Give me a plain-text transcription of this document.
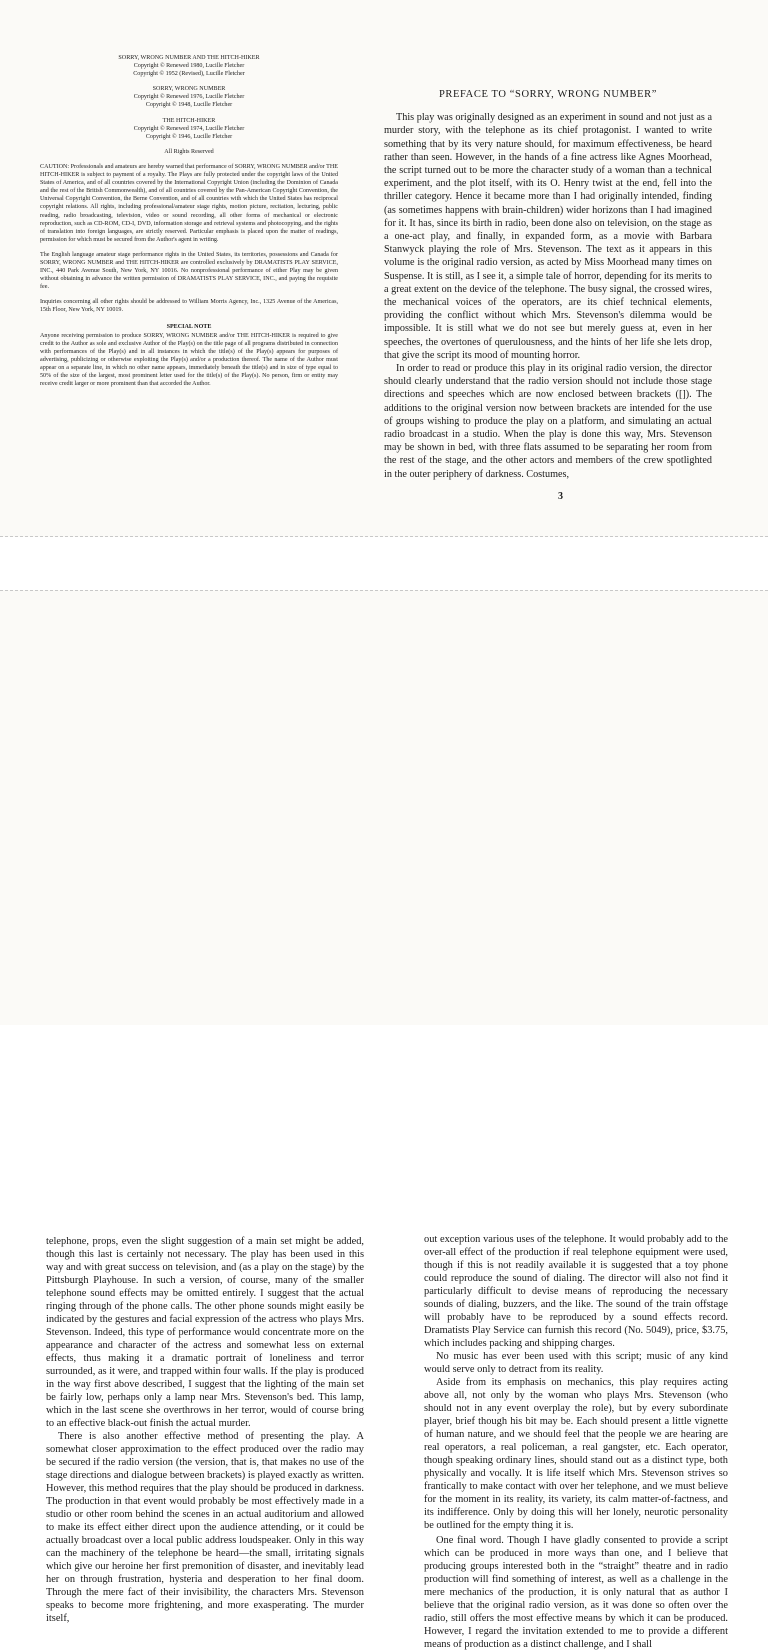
SORRY, WRONG NUMBER AND THE HITCH-HIKER
Copyright © Renewed 1980, Lucille Fletcher
Copyright © 1952 (Revised), Lucille Fletcher
SORRY, WRONG NUMBER
Copyright © Renewed 1976, Lucille Fletcher
Copyright © 1948, Lucille Fletcher
THE HITCH-HIKER
Copyright © Renewed 1974, Lucille Fletcher
Copyright © 1946, Lucille Fletcher
All Rights Reserved

CAUTION: Professionals and amateurs are hereby warned that performance of SORRY, WRONG NUMBER and/or THE HITCH-HIKER is subject to payment of a royalty. The Plays are fully protected under the copyright laws of the United States of America, and of all countries covered by the International Copyright Union (including the Dominion of Canada and the rest of the British Commonwealth), and of all countries covered by the Pan-American Copyright Convention, the Universal Copyright Convention, the Berne Convention, and of all countries with which the United States has reciprocal copyright relations. All rights, including professional/amateur stage rights, motion picture, recitation, lecturing, public reading, radio broadcasting, television, video or sound recording, all other forms of mechanical or electronic reproduction, such as CD-ROM, CD-I, DVD, information storage and retrieval systems and photocopying, and the rights of translation into foreign languages, are strictly reserved. Particular emphasis is placed upon the matter of readings, permission for which must be secured from the Author's agent in writing.

The English language amateur stage performance rights in the United States, its territories, possessions and Canada for SORRY, WRONG NUMBER and THE HITCH-HIKER are controlled exclusively by DRAMATISTS PLAY SERVICE, INC., 440 Park Avenue South, New York, NY 10016. No nonprofessional performance of either Play may be given without obtaining in advance the written permission of DRAMATISTS PLAY SERVICE, INC., and paying the requisite fee.

Inquiries concerning all other rights should be addressed to William Morris Agency, Inc., 1325 Avenue of the Americas, 15th Floor, New York, NY 10019.

SPECIAL NOTE

Anyone receiving permission to produce SORRY, WRONG NUMBER and/or THE HITCH-HIKER is required to give credit to the Author as sole and exclusive Author of the Play(s) on the title page of all programs distributed in connection with performances of the Play(s) and in all instances in which the title(s) of the Play(s) appears for purposes of advertising, publicizing or otherwise exploiting the Play(s) and/or a production thereof. The name of the Author must appear on a separate line, in which no other name appears, immediately beneath the title(s) and in size of type equal to 50% of the size of the largest, most prominent letter used for the title(s) of the Play(s). No person, firm or entity may receive credit larger or more prominent than that accorded the Author.

PREFACE TO “SORRY, WRONG NUMBER”

This play was originally designed as an experiment in sound and not just as a murder story, with the telephone as its chief protagonist. I wanted to write something that by its very nature should, for maximum effectiveness, be heard rather than seen. However, in the hands of a fine actress like Agnes Moorhead, the script turned out to be more the character study of a woman than a technical experiment, and the plot itself, with its O. Henry twist at the end, fell into the thriller category. Hence it became more than I had originally intended, finding (as sometimes happens with brain-children) wider horizons than I had imagined for it. It has, since its birth in radio, been done also on television, on the stage as a one-act play, and finally, in expanded form, as a movie with Barbara Stanwyck playing the role of Mrs. Stevenson. The text as it appears in this volume is the original radio version, as acted by Miss Moorhead many times on Suspense. It is still, as I see it, a simple tale of horror, depending for its merits to a great extent on the device of the telephone. The busy signal, the crossed wires, the mechanical voices of the operators, are its chief technical elements, providing the conflict without which Mrs. Stevenson's dilemma would be impossible. It is still what we do not see but merely guess at, even in her speeches, the overtones of querulousness, and the hints of her life she lets drop, that give the script its mood of mounting horror.

In order to read or produce this play in its original radio version, the director should clearly understand that the radio version should not include those stage directions and speeches which are now enclosed between brackets ([]). The additions to the original version now between brackets are intended for the use of groups wishing to produce the play on a platform, and simulating an actual radio broadcast in a studio. When the play is done this way, Mrs. Stevenson may be shown in bed, with three flats assumed to be separating her room from the rest of the stage, and the other actors and members of the crew spotlighted in the outer periphery of darkness. Costumes,

3

telephone, props, even the slight suggestion of a main set might be added, though this last is certainly not necessary. The play has been used in this way and with great success on television, and (as a play on the stage) by the Pittsburgh Playhouse. In such a version, of course, many of the smaller telephone sound effects may be omitted entirely. I suggest that the actual ringing through of the phone calls. The other phone sounds might easily be indicated by the gestures and facial expression of the actress who plays Mrs. Stevenson. Indeed, this type of performance would concentrate more on the appearance and character of the actress and somewhat less on external effects, thus making it a dramatic portrait of loneliness and terror surrounded, as it were, and trapped within four walls. If the play is produced in the way first above described, I suggest that the lighting of the main set be fairly low, perhaps only a lamp near Mrs. Stevenson's bed. This lamp, which in the last scene she overthrows in her terror, would of course bring to an effective black-out finish the actual murder.

There is also another effective method of presenting the play. A somewhat closer approximation to the effect produced over the radio may be secured if the radio version (the version, that is, that makes no use of the stage directions and dialogue between brackets) is played exactly as written. However, this method requires that the play should be produced in darkness. The production in that event would probably be most effectively made in a studio or other room behind the scenes in an actual auditorium and allowed to make its effect either direct upon the audience attending, or it could be actually broadcast over a local public address loudspeaker. Only in this way can the machinery of the telephone be heard—the small, irritating signals which give our heroine her first premonition of disaster, and inevitably lead her on through frustration, hysteria and desperation to her final doom. Through the mere fact of their invisibility, the characters Mrs. Stevenson speaks to become more frightening, and more exasperating. The murder itself,

out exception various uses of the telephone. It would probably add to the over-all effect of the production if real telephone equipment were used, though if this is not readily available it is suggested that a toy phone could reproduce the sound of dialing. The director will also not find it particularly difficult to devise means of reproducing the necessary sounds of dialing, buzzers, and the like. The sound of the train offstage will probably have to be reproduced by a sound effects record. Dramatists Play Service can furnish this record (No. 5049), price, $3.75, which includes packing and shipping charges.

No music has ever been used with this script; music of any kind would serve only to detract from its reality.

Aside from its emphasis on mechanics, this play requires acting above all, not only by the woman who plays Mrs. Stevenson (who should not in any event overplay the role), but by every subordinate player, brief though his bit may be. Each should present a little vignette of human nature, and we should feel that the people we are hearing are real operators, a real policeman, a real gangster, etc. Each operator, though speaking ordinary lines, should stand out as a distinct type, both physically and vocally. It is life itself which Mrs. Stevenson strives so frantically to make contact with over her telephone, and we must believe for the moment in its reality, its variety, its calm matter-of-factness, and its indifference. Only by doing this will her lonely, neurotic personality be outlined for the empty thing it is.

One final word. Though I have gladly consented to provide a script which can be produced in more ways than one, and I believe that producing groups interested both in the “straight” theatre and in radio production will find something of interest, as well as a challenge in the mere mechanics of the production, it is only natural that as author I believe that the original radio version, as it was done so often over the radio, still offers the most effective means by which it can be produced. However, I regard the invitation extended to me to provide a different means of production as a distinct challenge, and I shall
